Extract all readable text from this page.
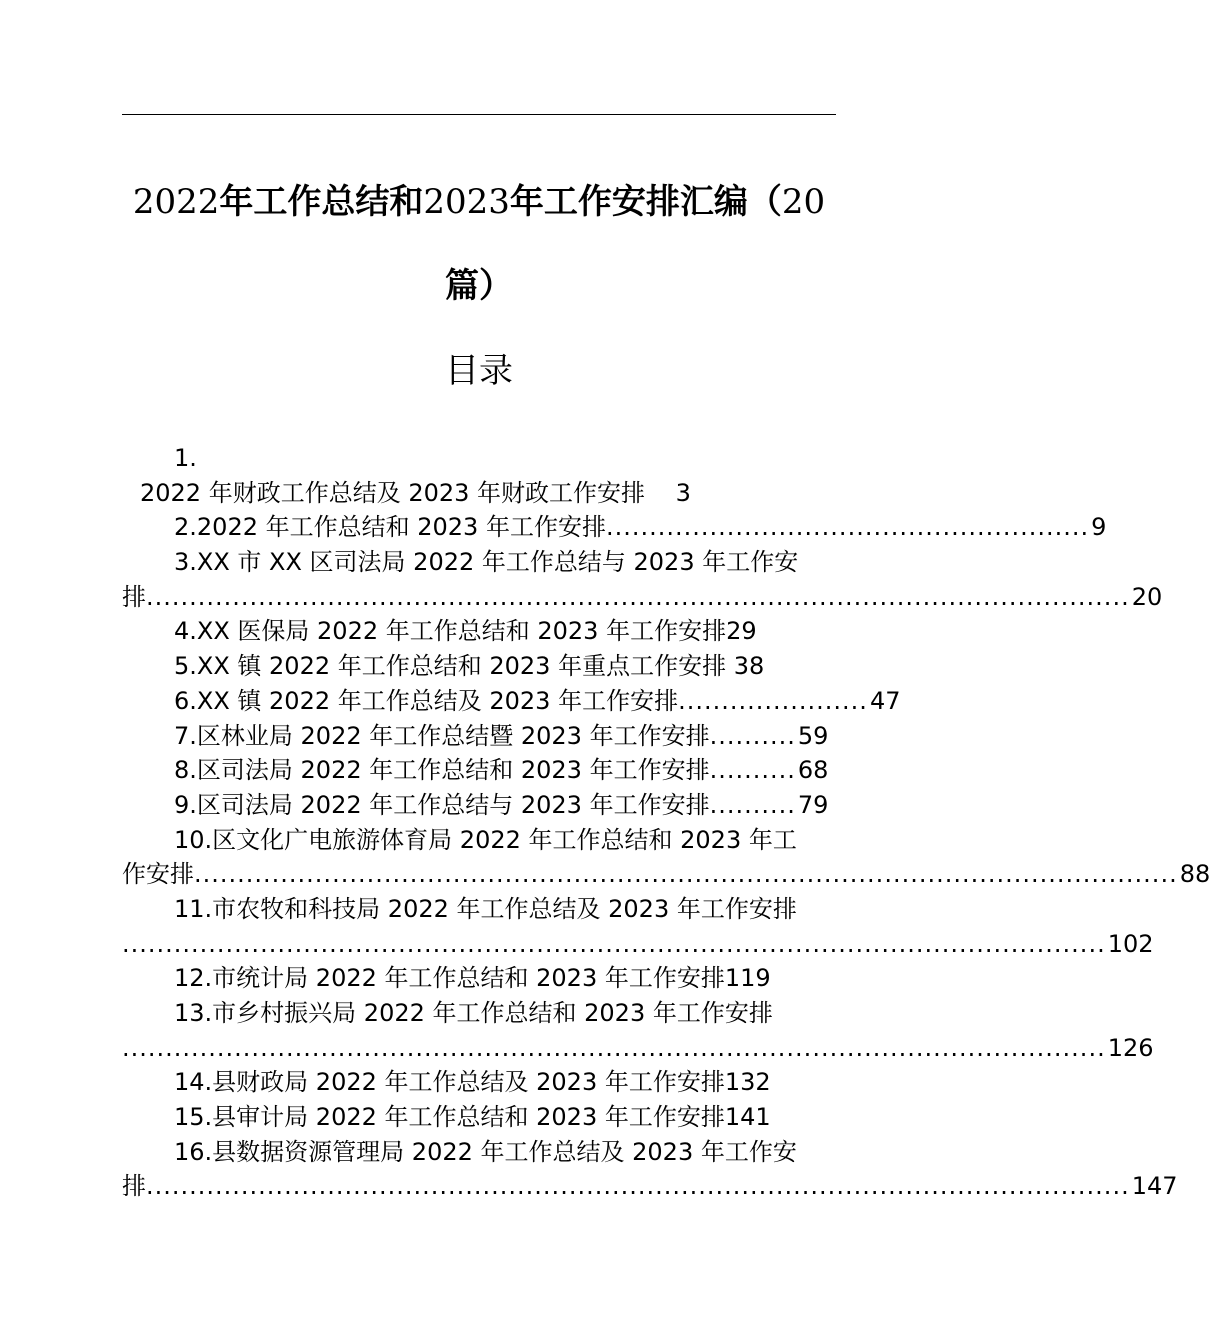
2022年工作总结和2023年工作安排汇编（20
篇）
目录
1.
2022 年财政工作总结及 2023 年财政工作安排 3
2.2022 年工作总结和 2023 年工作安排 ........................................................ 9
3.XX 市 XX 区司法局 2022 年工作总结与 2023 年工作安
排 .................................................................................................................. 20
4.XX 医保局 2022 年工作总结和 2023 年工作安排29
5.XX 镇 2022 年工作总结和 2023 年重点工作安排 38
6.XX 镇 2022 年工作总结及 2023 年工作安排 ...................... 47
7.区林业局 2022 年工作总结暨 2023 年工作安排 .......... 59
8.区司法局 2022 年工作总结和 2023 年工作安排 .......... 68
9.区司法局 2022 年工作总结与 2023 年工作安排 .......... 79
10.区文化广电旅游体育局 2022 年工作总结和 2023 年工
作安排 .................................................................................................................. 88
11.市农牧和科技局 2022 年工作总结及 2023 年工作安排
.................................................................................................................. 102
12.市统计局 2022 年工作总结和 2023 年工作安排119
13.市乡村振兴局 2022 年工作总结和 2023 年工作安排
.................................................................................................................. 126
14.县财政局 2022 年工作总结及 2023 年工作安排132
15.县审计局 2022 年工作总结和 2023 年工作安排141
16.县数据资源管理局 2022 年工作总结及 2023 年工作安
排 .................................................................................................................. 147
